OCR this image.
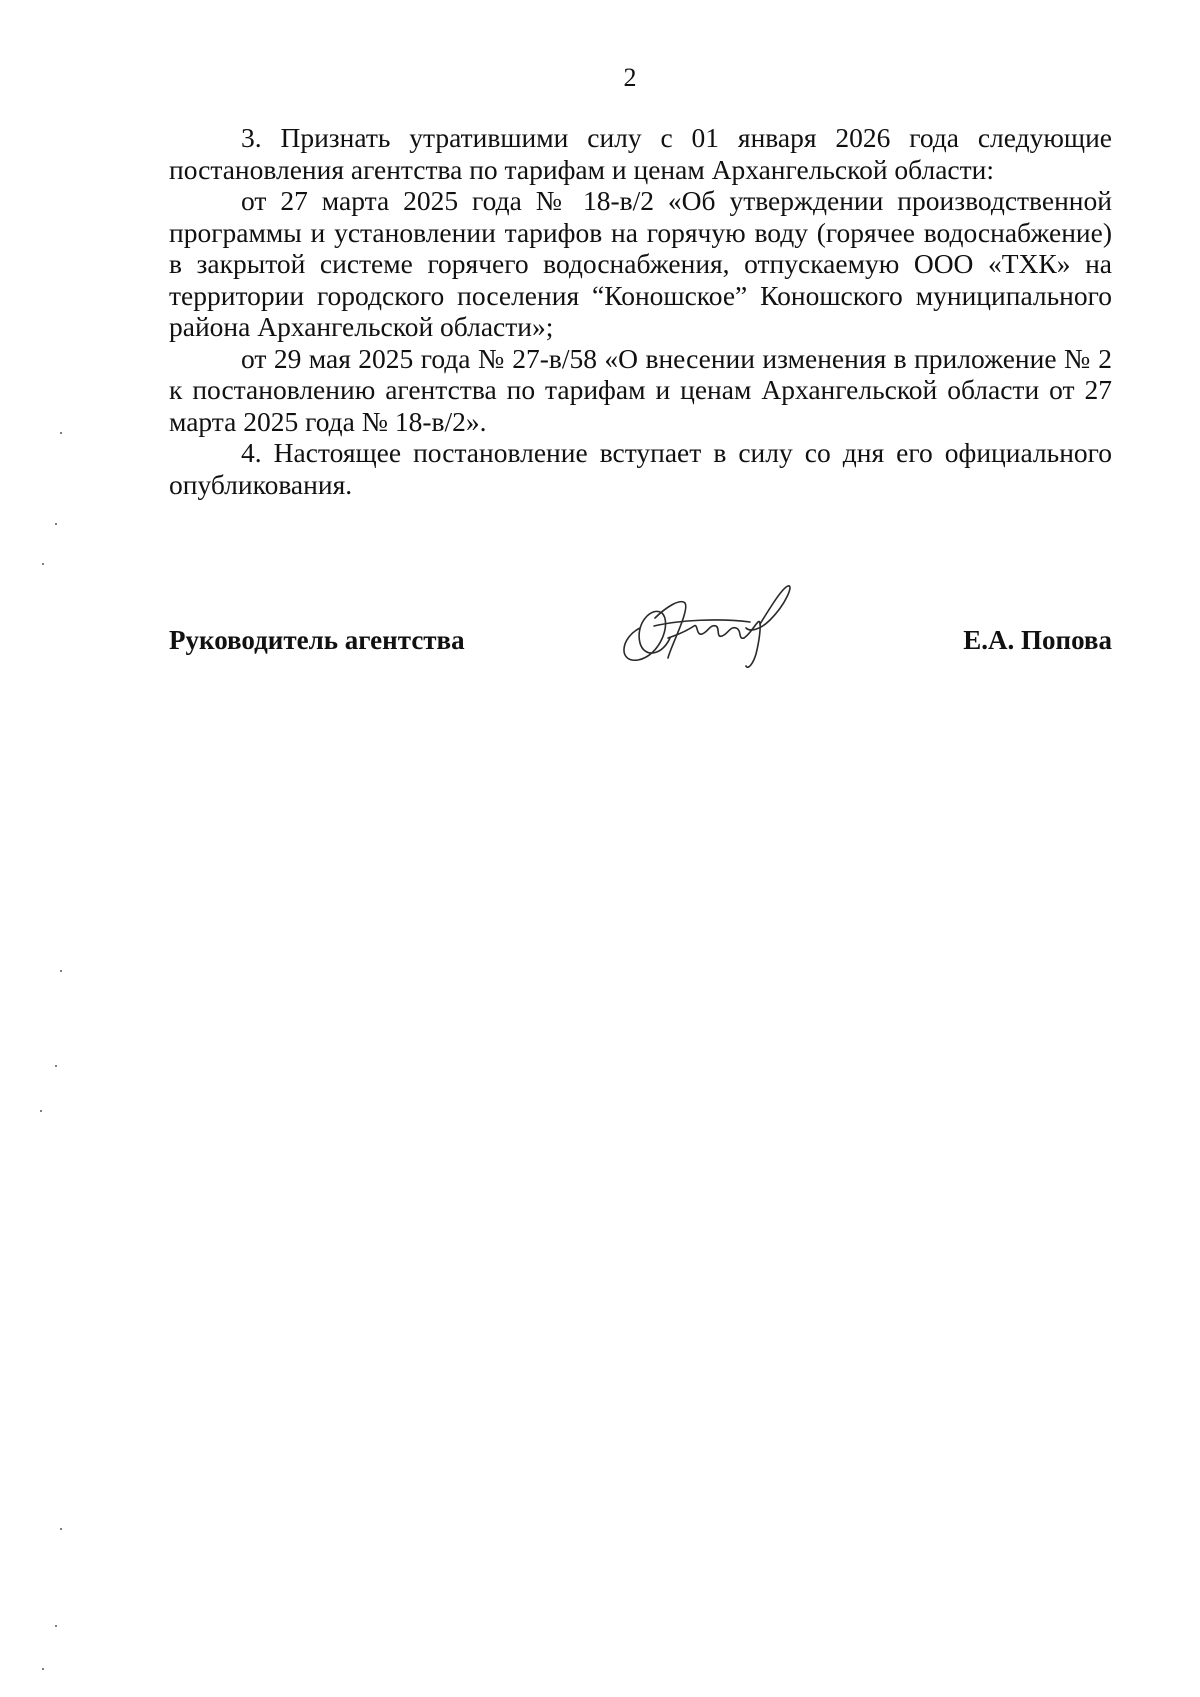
2

3. Признать утратившими силу с 01 января 2026 года следующие постановления агентства по тарифам и ценам Архангельской области:

от 27 марта 2025 года № 18-в/2 «Об утверждении производственной программы и установлении тарифов на горячую воду (горячее водоснабжение) в закрытой системе горячего водоснабжения, отпускаемую ООО «ТХК» на территории городского поселения “Коношское” Коношского муниципального района Архангельской области»;

от 29 мая 2025 года № 27-в/58 «О внесении изменения в приложение № 2 к постановлению агентства по тарифам и ценам Архангельской области от 27 марта 2025 года № 18-в/2».

4. Настоящее постановление вступает в силу со дня его официального опубликования.

Руководитель агентства	Е.А. Попова
